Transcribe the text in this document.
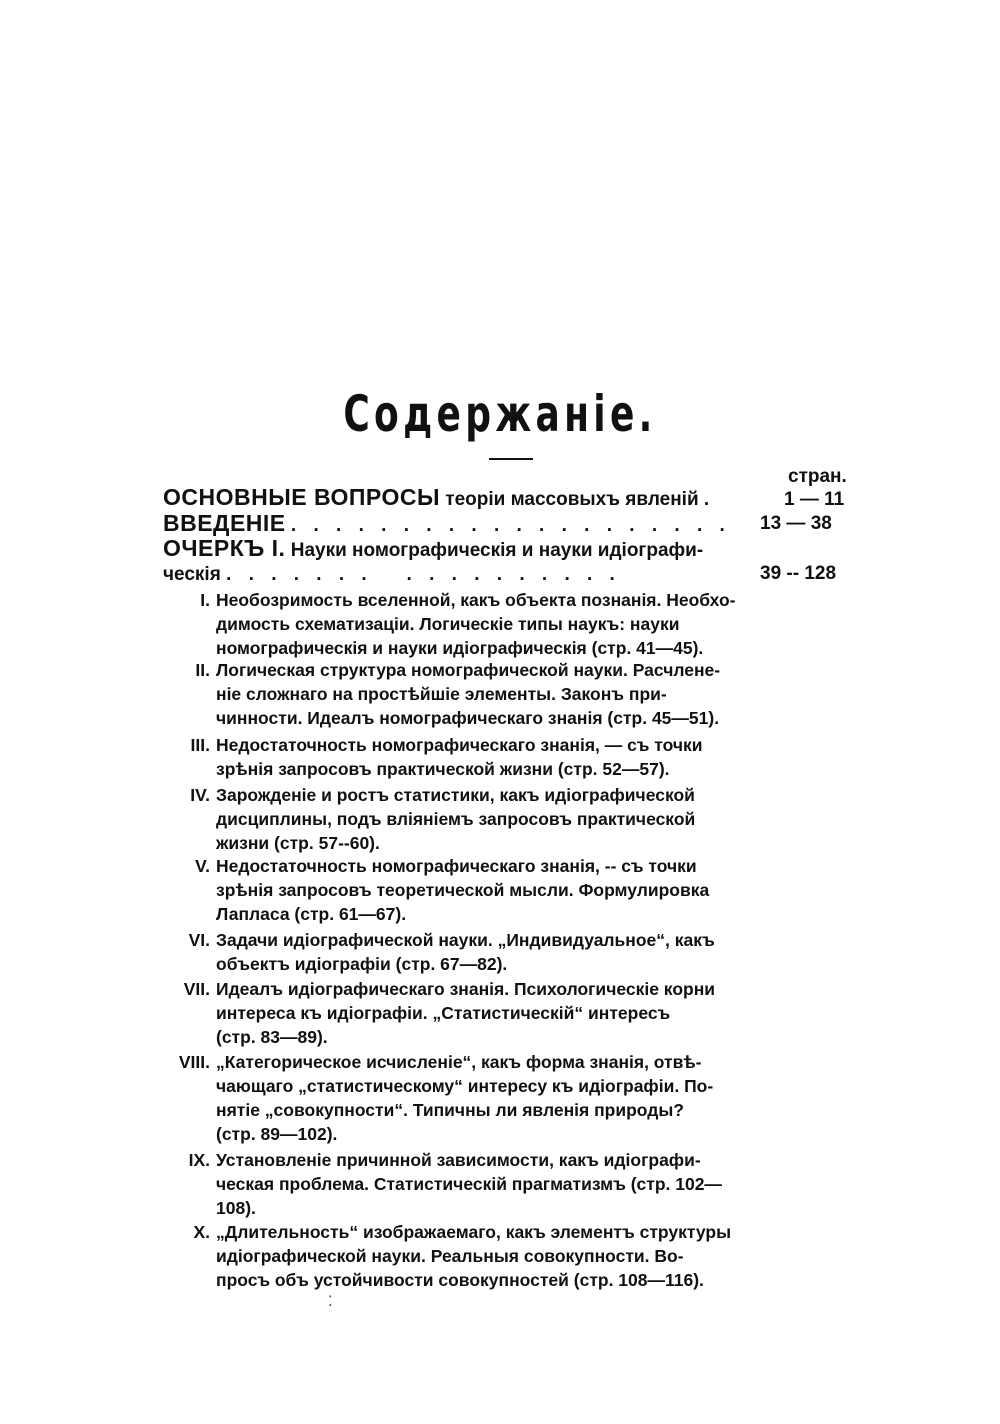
Содержаніе.
стран.
ОСНОВНЫЕ ВОПРОСЫ теоріи массовыхъ явленій .	1 — 11
ВВЕДЕНІЕ . . . . . . . . . . . . . . . . . . . .	13 — 38
ОЧЕРКЪ I. Науки номографическія и науки идіографи-
ческія . . . . . . .   . . . . . . . . . .	39 -- 128
I. Необозримость вселенной, какъ объекта познанія. Необхо-
димость схематизаціи. Логическіе типы наукъ: науки
номографическія и науки идіографическія (стр. 41—45).
II. Логическая структура номографической науки. Расчлене-
ніе сложнаго на простѣйшіе элементы. Законъ при-
чинности. Идеалъ номографическаго знанія (стр. 45—51).
III. Недостаточность номографическаго знанія, — съ точки
зрѣнія запросовъ практической жизни (стр. 52—57).
IV. Зарожденіе и ростъ статистики, какъ идіографической
дисциплины, подъ вліяніемъ запросовъ практической
жизни (стр. 57--60).
V. Недостаточность номографическаго знанія, -- съ точки
зрѣнія запросовъ теоретической мысли. Формулировка
Лапласа (стр. 61—67).
VI. Задачи идіографической науки. „Индивидуальное“, какъ
объектъ идіографіи (стр. 67—82).
VII. Идеалъ идіографическаго знанія. Психологическіе корни
интереса къ идіографіи. „Статистическій“ интересъ
(стр. 83—89).
VIII. „Категорическое исчисленіе“, какъ форма знанія, отвѣ-
чающаго „статистическому“ интересу къ идіографіи. По-
нятіе „совокупности“. Типичны ли явленія природы?
(стр. 89—102).
IX. Установленіе причинной зависимости, какъ идіографи-
ческая проблема. Статистическій прагматизмъ (стр. 102—
108).
X. „Длительность“ изображаемаго, какъ элементъ структуры
идіографической науки. Реальныя совокупности. Во-
просъ объ устойчивости совокупностей (стр. 108—116).
⁚
